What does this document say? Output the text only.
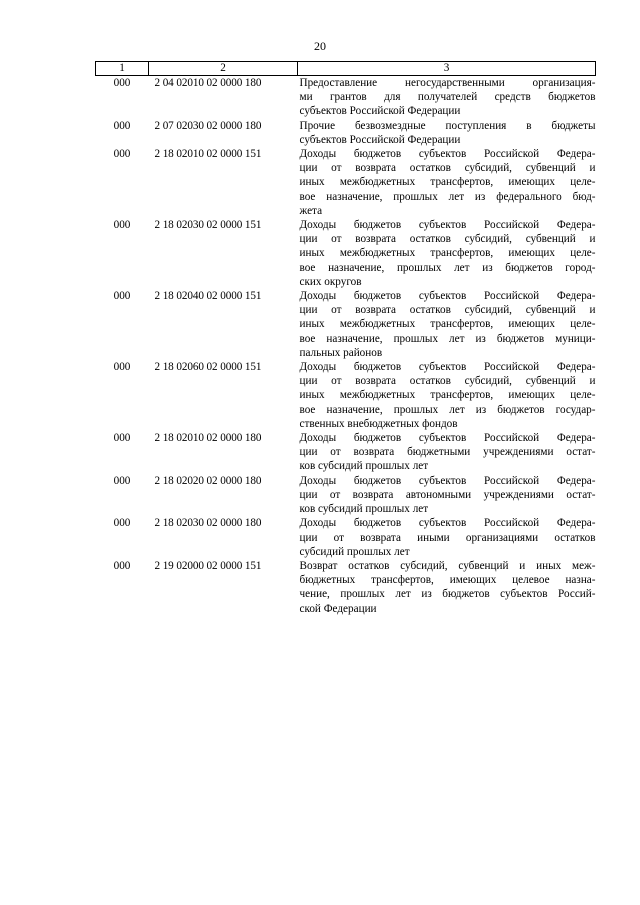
20
1	2	3
000	2 04 02010 02 0000 180	Предоставление негосударственными организация-
ми грантов для получателей средств бюджетов
субъектов Российской Федерации

000	2 07 02030 02 0000 180	Прочие безвозмездные поступления в бюджеты
субъектов Российской Федерации

000	2 18 02010 02 0000 151	Доходы бюджетов субъектов Российской Федера-
ции от возврата остатков субсидий, субвенций и
иных межбюджетных трансфертов, имеющих целе-
вое назначение, прошлых лет из федерального бюд-
жета

000	2 18 02030 02 0000 151	Доходы бюджетов субъектов Российской Федера-
ции от возврата остатков субсидий, субвенций и
иных межбюджетных трансфертов, имеющих целе-
вое назначение, прошлых лет из бюджетов город-
ских округов

000	2 18 02040 02 0000 151	Доходы бюджетов субъектов Российской Федера-
ции от возврата остатков субсидий, субвенций и
иных межбюджетных трансфертов, имеющих целе-
вое назначение, прошлых лет из бюджетов муници-
пальных районов

000	2 18 02060 02 0000 151	Доходы бюджетов субъектов Российской Федера-
ции от возврата остатков субсидий, субвенций и
иных межбюджетных трансфертов, имеющих целе-
вое назначение, прошлых лет из бюджетов государ-
ственных внебюджетных фондов

000	2 18 02010 02 0000 180	Доходы бюджетов субъектов Российской Федера-
ции от возврата бюджетными учреждениями остат-
ков субсидий прошлых лет

000	2 18 02020 02 0000 180	Доходы бюджетов субъектов Российской Федера-
ции от возврата автономными учреждениями остат-
ков субсидий прошлых лет

000	2 18 02030 02 0000 180	Доходы бюджетов субъектов Российской Федера-
ции от возврата иными организациями остатков
субсидий прошлых лет

000	2 19 02000 02 0000 151	Возврат остатков субсидий, субвенций и иных меж-
бюджетных трансфертов, имеющих целевое назна-
чение, прошлых лет из бюджетов субъектов Россий-
ской Федерации
